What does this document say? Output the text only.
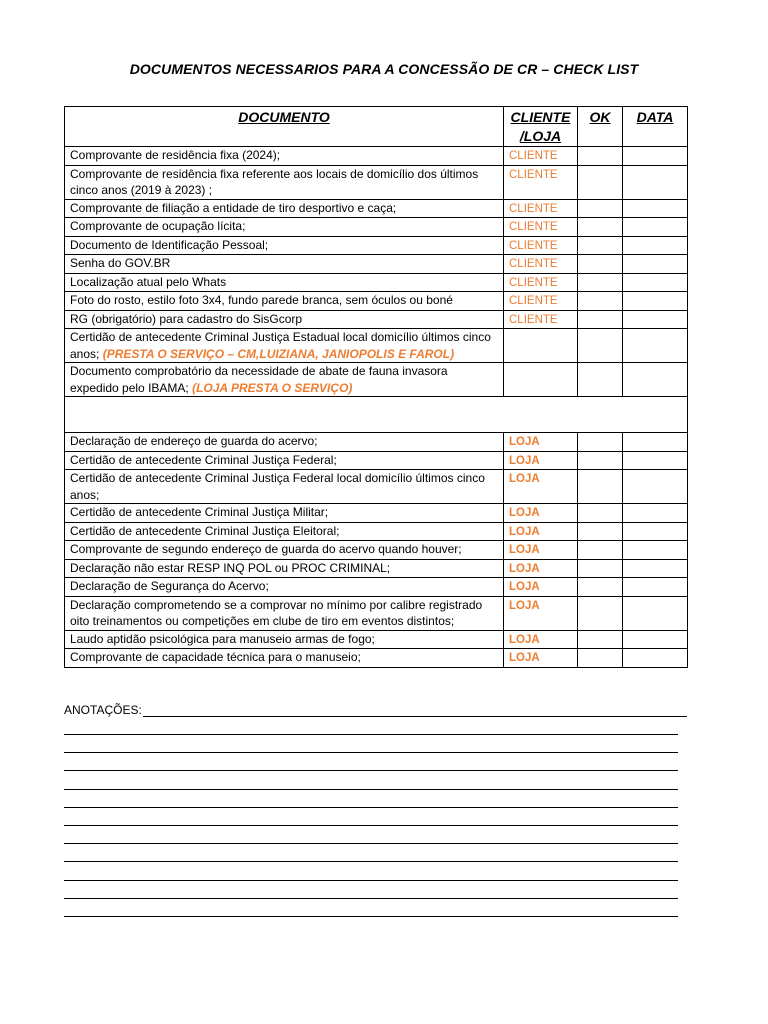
DOCUMENTOS NECESSARIOS PARA A CONCESSÃO DE CR – CHECK LIST
DOCUMENTO	CLIENTE /LOJA	OK	DATA
Comprovante de residência fixa (2024);	CLIENTE		
Comprovante de residência fixa referente aos locais de domicílio dos últimos cinco anos (2019 à 2023) ;	CLIENTE		
Comprovante de filiação a entidade de tiro desportivo e caça;	CLIENTE		
Comprovante de ocupação lícita;	CLIENTE		
Documento de Identificação Pessoal;	CLIENTE		
Senha do GOV.BR	CLIENTE		
Localização atual pelo Whats	CLIENTE		
Foto do rosto, estilo foto 3x4, fundo parede branca, sem óculos ou boné	CLIENTE		
RG (obrigatório) para cadastro do SisGcorp	CLIENTE		
Certidão de antecedente Criminal Justiça Estadual local domicílio últimos cinco anos; (PRESTA O SERVIÇO – CM,LUIZIANA, JANIOPOLIS E FAROL)			
Documento comprobatório da necessidade de abate de fauna invasora expedido pelo IBAMA; (LOJA PRESTA O SERVIÇO)			

Declaração de endereço de guarda do acervo;	LOJA		
Certidão de antecedente Criminal Justiça Federal;	LOJA		
Certidão de antecedente Criminal Justiça Federal local domicílio últimos cinco anos;	LOJA		
Certidão de antecedente Criminal Justiça Militar;	LOJA		
Certidão de antecedente Criminal Justiça Eleitoral;	LOJA		
Comprovante de segundo endereço de guarda do acervo quando houver;	LOJA		
Declaração não estar RESP INQ POL ou PROC CRIMINAL;	LOJA		
Declaração de Segurança do Acervo;	LOJA		
Declaração comprometendo se a comprovar no mínimo por calibre registrado oito treinamentos ou competições em clube de tiro em eventos distintos;	LOJA		
Laudo aptidão psicológica para manuseio armas de fogo;	LOJA		
Comprovante de capacidade técnica para o manuseio;	LOJA		
ANOTAÇÕES:
